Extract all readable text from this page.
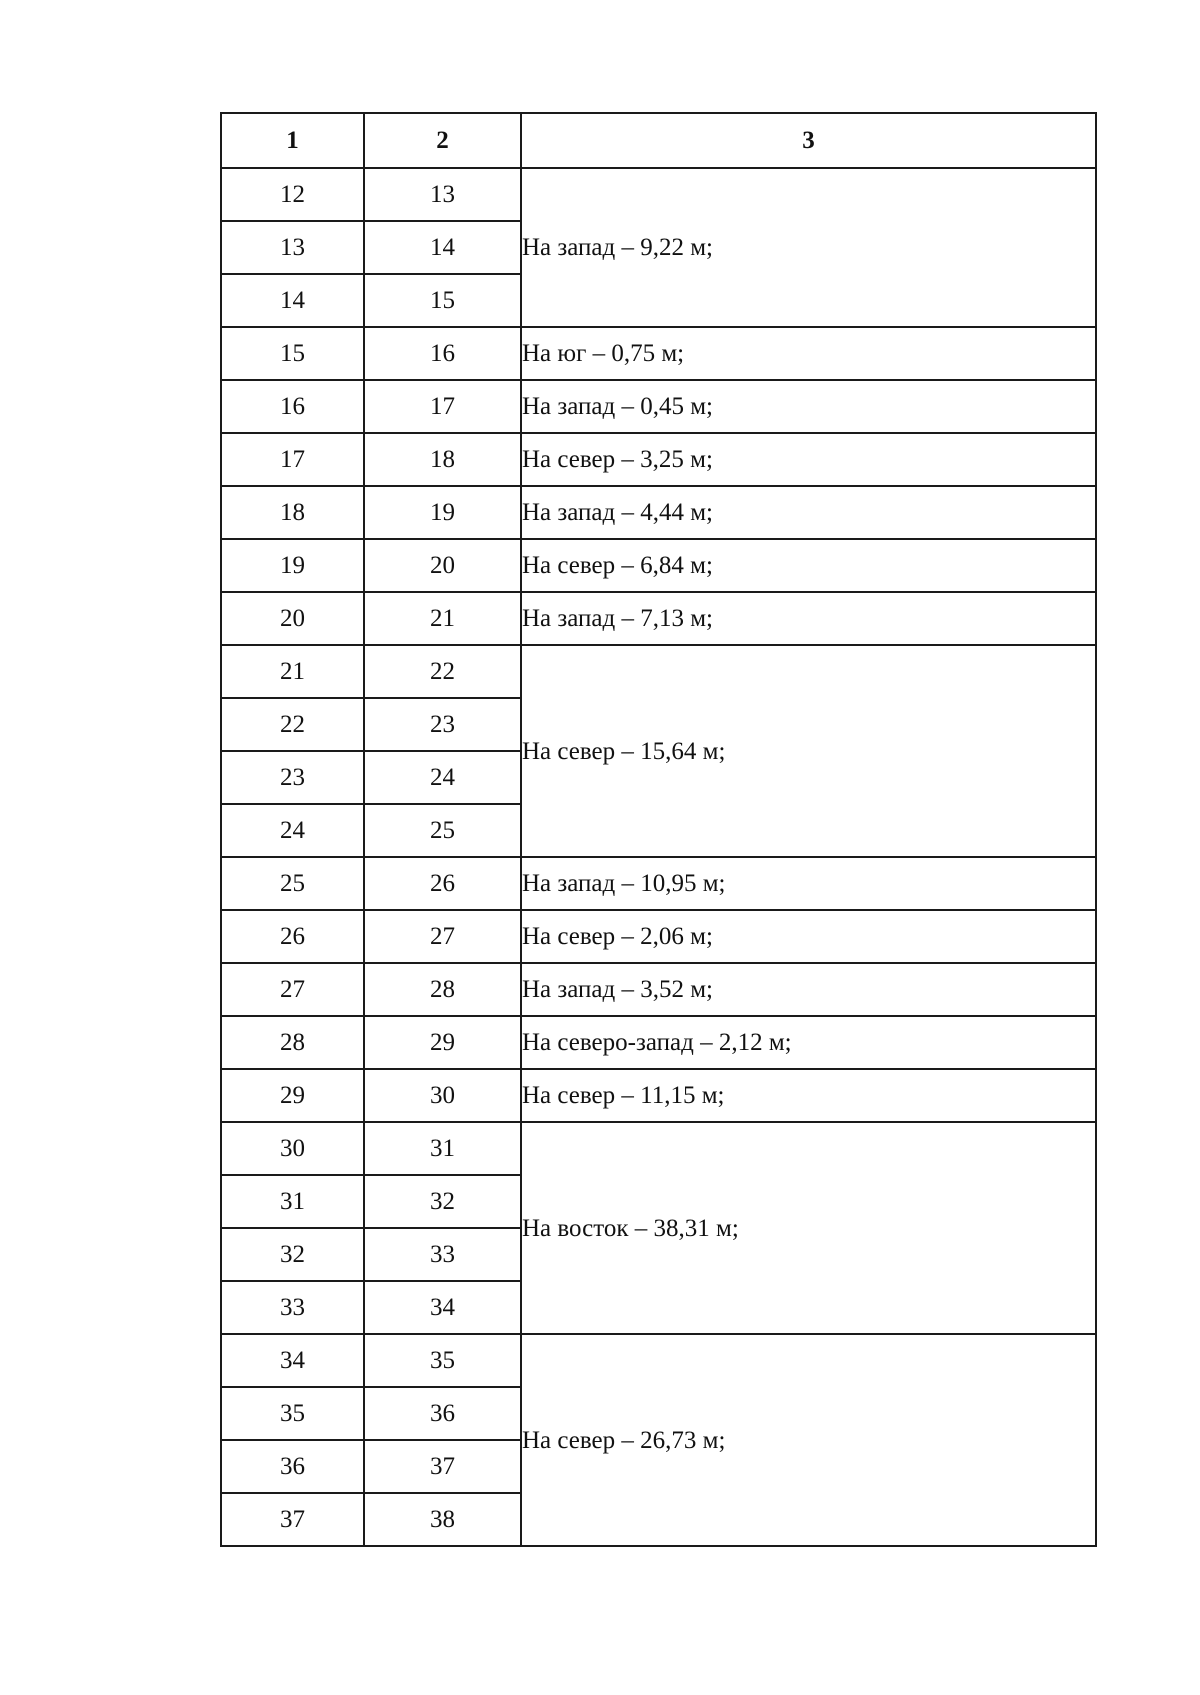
1	2	3
12	13	На запад – 9,22 м;
13	14	
14	15	
15	16	На юг – 0,75 м;
16	17	На запад – 0,45 м;
17	18	На север – 3,25 м;
18	19	На запад – 4,44 м;
19	20	На север – 6,84 м;
20	21	На запад – 7,13 м;
21	22	На север – 15,64 м;
22	23	
23	24	
24	25	
25	26	На запад – 10,95 м;
26	27	На север – 2,06 м;
27	28	На запад – 3,52 м;
28	29	На северо-запад – 2,12 м;
29	30	На север – 11,15 м;
30	31	На восток – 38,31 м;
31	32	
32	33	
33	34	
34	35	На север – 26,73 м;
35	36	
36	37	
37	38	
